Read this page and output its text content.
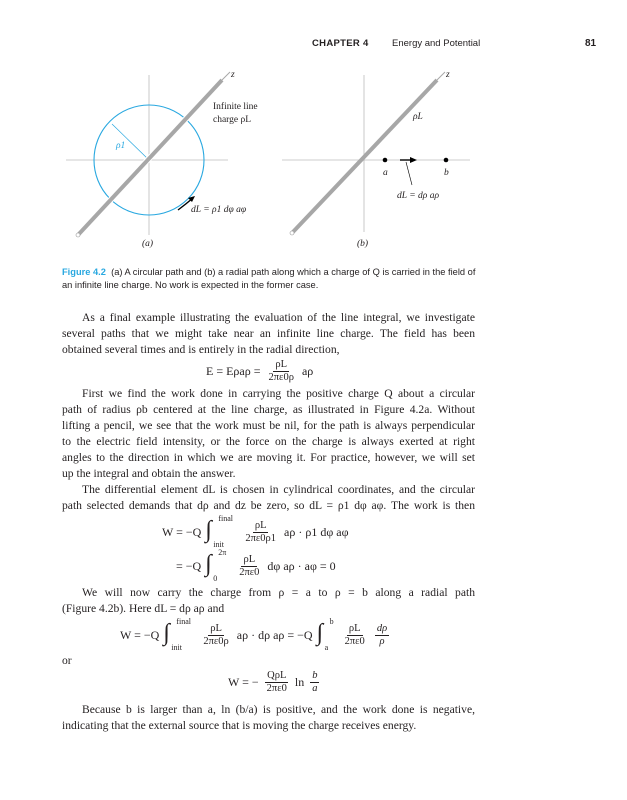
CHAPTER 4 Energy and Potential	81
z
Infinite line
charge ρL
ρ1
dL = ρ1 dφ aφ
(a)
z
ρL
a	b
dL = dρ aρ
(b)
Figure 4.2 (a) A circular path and (b) a radial path along which a charge of Q is carried in the field of an infinite line charge. No work is expected in the former case.
As a final example illustrating the evaluation of the line integral, we investigate
several paths that we might take near an infinite line charge. The field has been
obtained several times and is entirely in the radial direction,
$E = E\rho a\rho = \frac{\rho L}{2\pi\varepsilon 0\rho}$ aρ
First we find the work done in carrying the positive charge Q about a circular
path of radius ρb centered at the line charge, as illustrated in Figure 4.2a. Without
lifting a pencil, we see that the work must be nil, for the path is always perpendicular
to the electric field intensity, or the force on the charge is always exerted at right
angles to the direction in which we are moving it. For practice, however, we will set
up the integral and obtain the answer.
The differential element dL is chosen in cylindrical coordinates, and the circular
path selected demands that dρ and dz be zero, so dL = ρ1 dφ aφ. The work is then
W = −Q ∫ final
init $\frac{\rho L}{2\pi\varepsilon 0\rho 1}$ aρ · ρ1 dφ aφ
= −Q ∫ 2π
$0 \frac{\rho L}{2\pi\varepsilon 0}$ dφ aρ · aφ = 0
We will now carry the charge from ρ = a to ρ = b along a radial path
(Figure 4.2b). Here dL = dρ aρ and
W = −Q ∫ final
init $\frac{\rho L}{2\pi\varepsilon 0\rho}$ aρ · dρ aρ = −Q ∫ b
a $\frac{\rho L}{2\pi\varepsilon 0} \frac{d\rho}{\rho}$
or
W = − $\frac{\text{QρL}}{2\pi\varepsilon 0}$ $\ln \frac{b}{a}$
Because b is larger than a, ln (b/a) is positive, and the work done is negative,
indicating that the external source that is moving the charge receives energy.
